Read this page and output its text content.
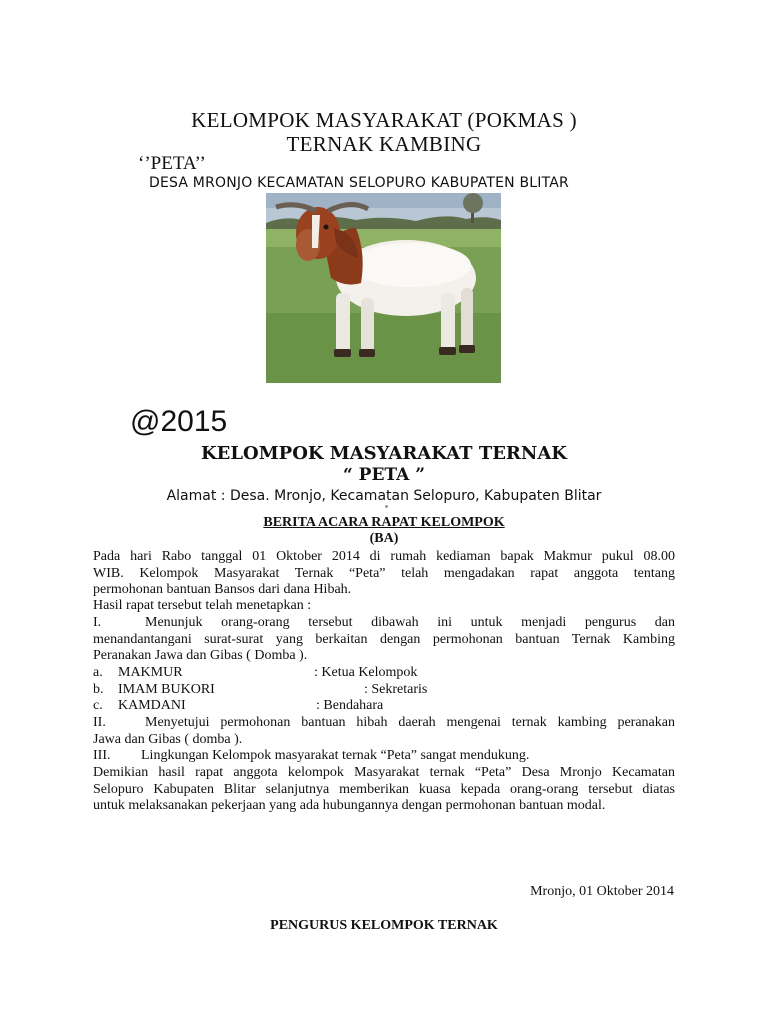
KELOMPOK MASYARAKAT (POKMAS )
TERNAK KAMBING
‘’PETA’’
DESA MRONJO KECAMATAN SELOPURO KABUPATEN BLITAR
@2015
KELOMPOK MASYARAKAT TERNAK
“ PETA ”
Alamat : Desa. Mronjo, Kecamatan Selopuro, Kabupaten Blitar
BERITA ACARA RAPAT KELOMPOK
(BA)
Pada hari Rabo tanggal 01 Oktober 2014 di rumah kediaman bapak Makmur pukul 08.00
WIB. Kelompok Masyarakat Ternak “Peta” telah mengadakan rapat anggota tentang
permohonan bantuan Bansos dari dana Hibah.
Hasil rapat tersebut telah menetapkan :
I.	Menunjuk orang-orang tersebut dibawah ini untuk menjadi pengurus dan
menandantangani surat-surat yang berkaitan dengan permohonan bantuan Ternak Kambing
Peranakan Jawa dan Gibas ( Domba ).
a.	MAKMUR	: Ketua Kelompok
b.	IMAM BUKORI	: Sekretaris
c.	KAMDANI	: Bendahara
II.	Menyetujui permohonan bantuan hibah daerah mengenai ternak kambing peranakan
Jawa dan Gibas ( domba ).
III.	Lingkungan Kelompok masyarakat ternak “Peta” sangat mendukung.
Demikian hasil rapat anggota kelompok Masyarakat ternak “Peta” Desa Mronjo Kecamatan
Selopuro Kabupaten Blitar selanjutnya memberikan kuasa kepada orang-orang tersebut diatas
untuk melaksanakan pekerjaan yang ada hubungannya dengan permohonan bantuan modal.
Mronjo, 01 Oktober 2014
PENGURUS KELOMPOK TERNAK
